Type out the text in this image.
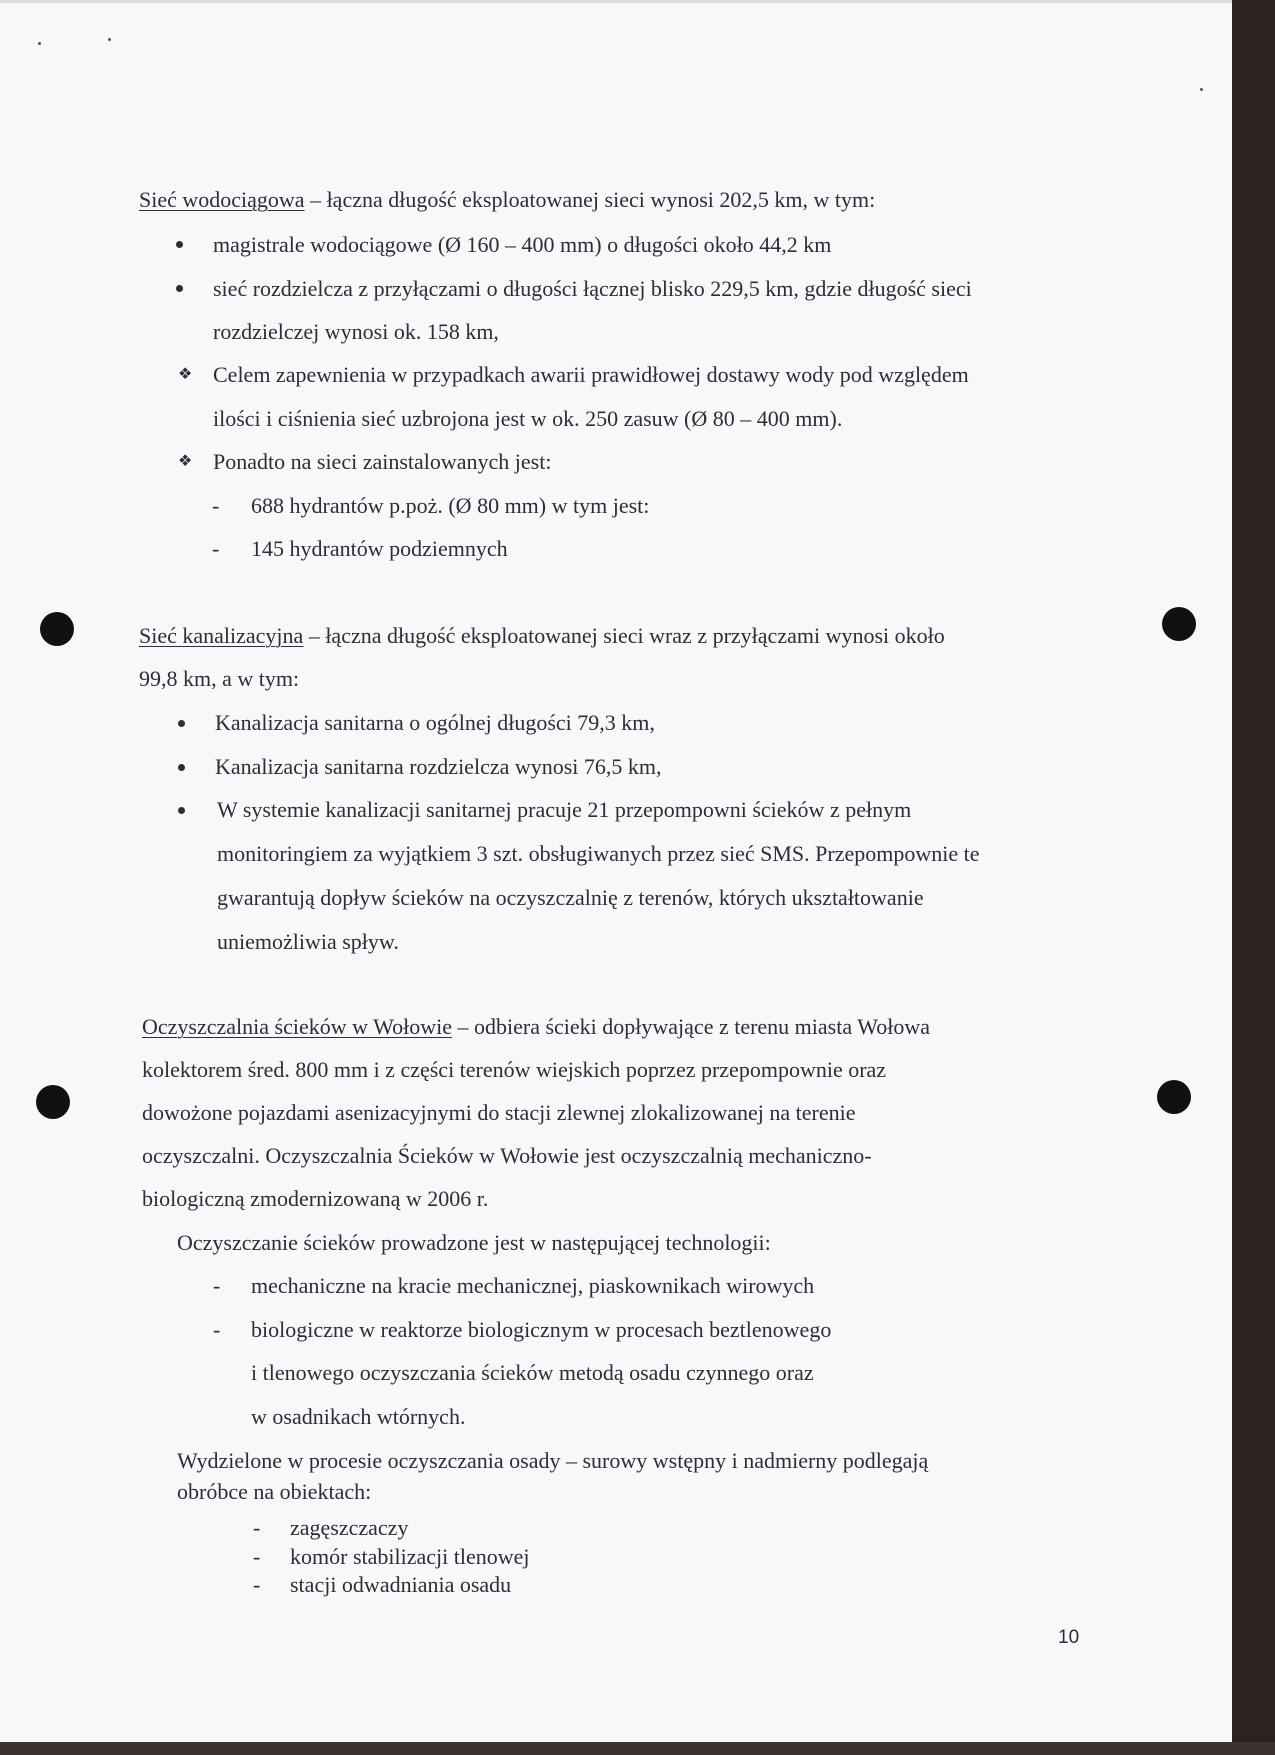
Sieć wodociągowa – łączna długość eksploatowanej sieci wynosi 202,5 km, w tym:
magistrale wodociągowe (Ø 160 – 400 mm) o długości około 44,2 km
sieć rozdzielcza z przyłączami o długości łącznej blisko 229,5 km, gdzie długość sieci
rozdzielczej wynosi ok. 158 km,
❖ Celem zapewnienia w przypadkach awarii prawidłowej dostawy wody pod względem
ilości i ciśnienia sieć uzbrojona jest w ok. 250 zasuw (Ø 80 – 400 mm).
❖ Ponadto na sieci zainstalowanych jest:
- 688 hydrantów p.poż. (Ø 80 mm) w tym jest:
- 145 hydrantów podziemnych
Sieć kanalizacyjna – łączna długość eksploatowanej sieci wraz z przyłączami wynosi około
99,8 km, a w tym:
Kanalizacja sanitarna o ogólnej długości 79,3 km,
Kanalizacja sanitarna rozdzielcza wynosi 76,5 km,
W systemie kanalizacji sanitarnej pracuje 21 przepompowni ścieków z pełnym
monitoringiem za wyjątkiem 3 szt. obsługiwanych przez sieć SMS. Przepompownie te
gwarantują dopływ ścieków na oczyszczalnię z terenów, których ukształtowanie
uniemożliwia spływ.
Oczyszczalnia ścieków w Wołowie – odbiera ścieki dopływające z terenu miasta Wołowa
kolektorem śred. 800 mm i z części terenów wiejskich poprzez przepompownie oraz
dowożone pojazdami asenizacyjnymi do stacji zlewnej zlokalizowanej na terenie
oczyszczalni. Oczyszczalnia Ścieków w Wołowie jest oczyszczalnią mechaniczno-
biologiczną zmodernizowaną w 2006 r.
Oczyszczanie ścieków prowadzone jest w następującej technologii:
- mechaniczne na kracie mechanicznej, piaskownikach wirowych
- biologiczne w reaktorze biologicznym w procesach beztlenowego
i tlenowego oczyszczania ścieków metodą osadu czynnego oraz
w osadnikach wtórnych.
Wydzielone w procesie oczyszczania osady – surowy wstępny i nadmierny podlegają
obróbce na obiektach:
- zagęszczaczy
- komór stabilizacji tlenowej
- stacji odwadniania osadu
10
